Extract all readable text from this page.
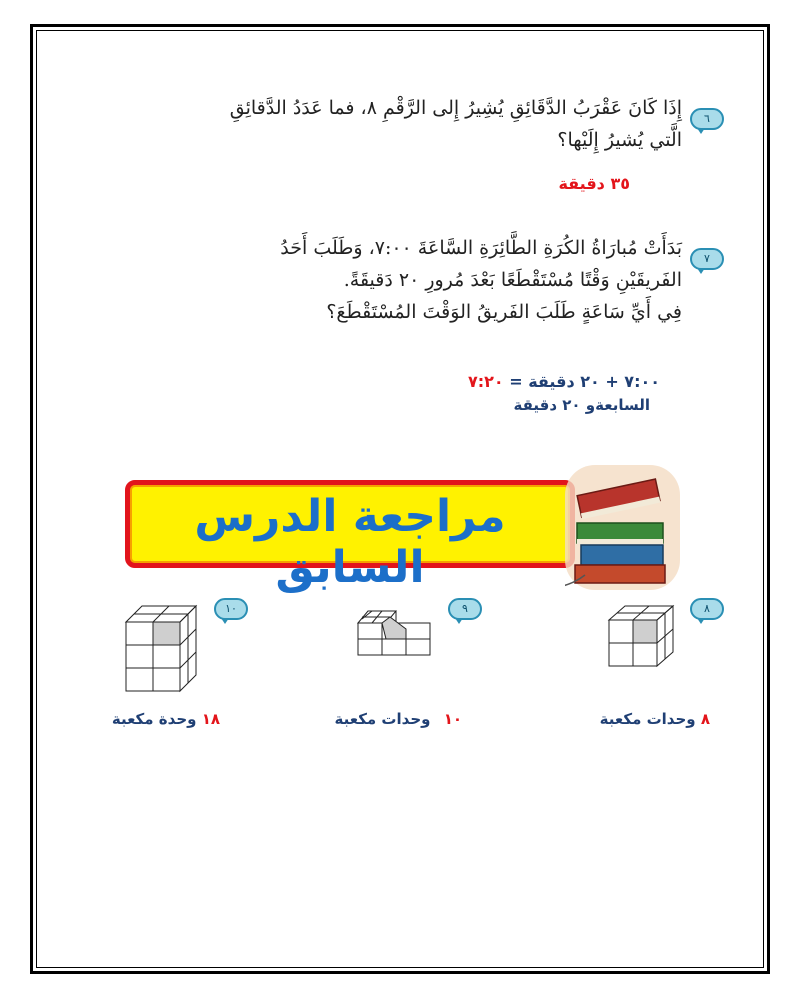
٦
إِذَا كَانَ عَقْرَبُ الدَّقَائِقِ يُشِيرُ إِلى الرَّقْمِ ٨، فما عَدَدُ الدَّقائِقِ
الَّتي يُشيرُ إِلَيْها؟
٣٥ دقيقة
٧
بَدَأَتْ مُبارَاةُ الكُرَةِ الطَّائِرَةِ السَّاعَةَ ٧:٠٠، وَطَلَبَ أَحَدُ
الفَريقَيْنِ وَقْتًا مُسْتَقْطَعًا بَعْدَ مُرورِ ٢٠ دَقيقَةً.
فِي أَيِّ سَاعَةٍ طَلَبَ الفَريقُ الوَقْتَ المُسْتَقْطَعَ؟
٧:٠٠ + ٢٠ دقيقة = ٧:٢٠
السابعةو ٢٠ دقيقة
مراجعة الدرس السابق
٨
٨ وحدات مكعبة
٩
١٠ وحدات مكعبة
١٠
١٨ وحدة مكعبة
